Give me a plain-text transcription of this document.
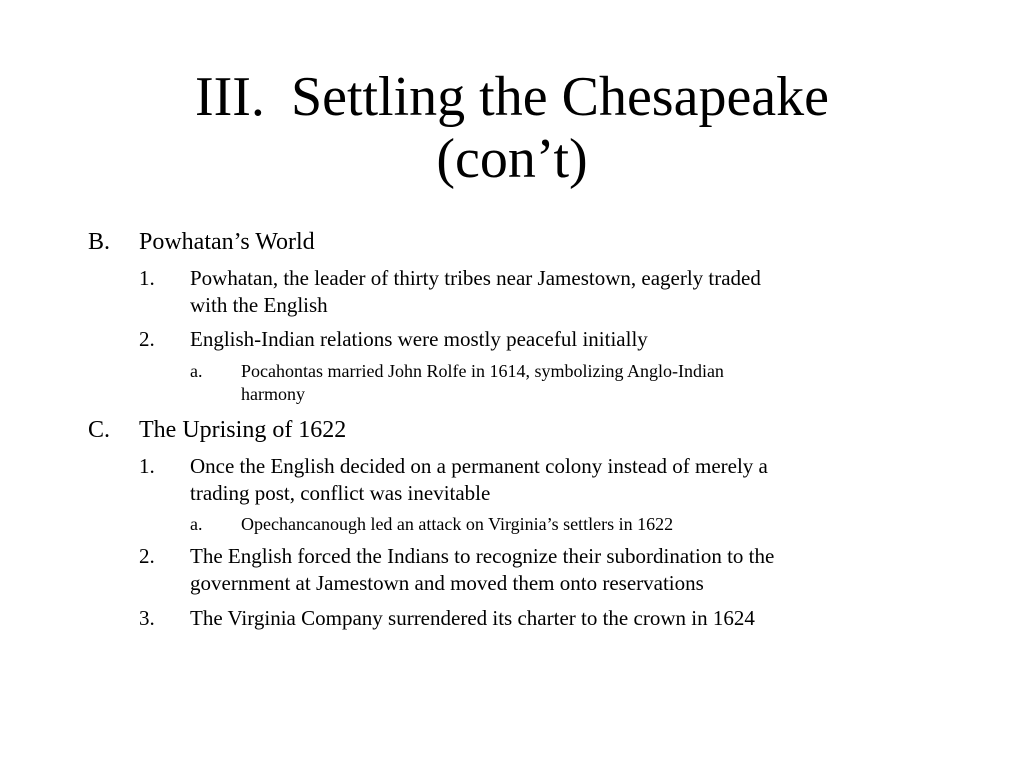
III. Settling the Chesapeake
(con’t)
B. Powhatan’s World
1. Powhatan, the leader of thirty tribes near Jamestown, eagerly traded
with the English
2. English-Indian relations were mostly peaceful initially
a. Pocahontas married John Rolfe in 1614, symbolizing Anglo-Indian
harmony
C. The Uprising of 1622
1. Once the English decided on a permanent colony instead of merely a
trading post, conflict was inevitable
a. Opechancanough led an attack on Virginia’s settlers in 1622
2. The English forced the Indians to recognize their subordination to the
government at Jamestown and moved them onto reservations
3. The Virginia Company surrendered its charter to the crown in 1624
